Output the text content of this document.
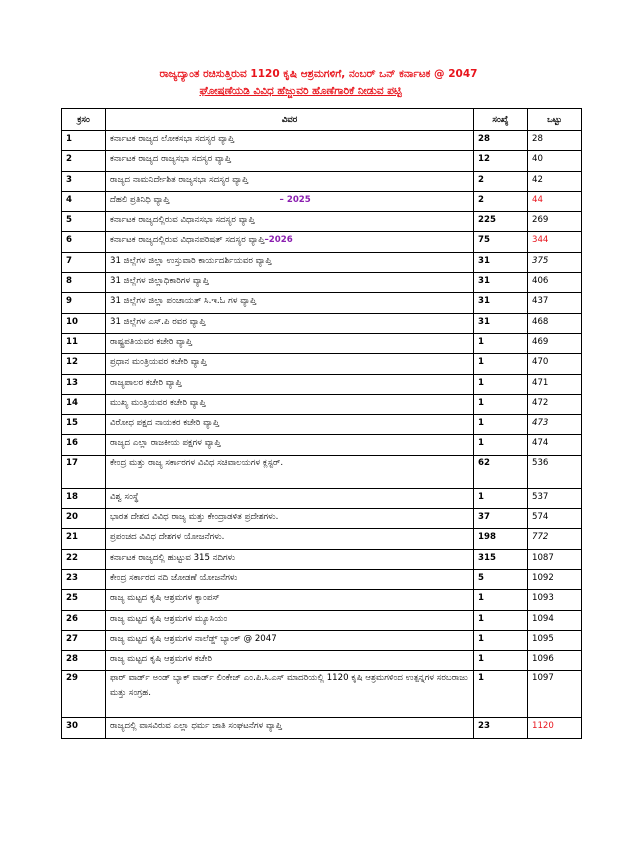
ರಾಜ್ಯದ್ಯಾಂತ ರಚಿಸುತ್ತಿರುವ 1120 ಕೃಷಿ ಆಶ್ರಮಗಳಿಗೆ, ನಂಬರ್ ಒನ್ ಕರ್ನಾಟಕ @ 2047
ಘೋಷಣೆಯಡಿ ವಿವಿಧ ಹೆಜ್ಜುವರಿ ಹೊಣೆಗಾರಿಕೆ ನೀಡುವ ಪಟ್ಟಿ
ಕ್ರಸಂ	ವಿವರ	ಸಂಖ್ಯೆ	ಒಟ್ಟು
1	ಕರ್ನಾಟಕ ರಾಜ್ಯದ ಲೋಕಸಭಾ ಸದಸ್ಯರ ವ್ಯಾಪ್ತಿ	28	28
2	ಕರ್ನಾಟಕ ರಾಜ್ಯದ ರಾಜ್ಯಸಭಾ ಸದಸ್ಯರ ವ್ಯಾಪ್ತಿ	12	40
3	ರಾಜ್ಯದ ನಾಮನಿರ್ದೇಶಿತ ರಾಜ್ಯಸಭಾ ಸದಸ್ಯರ ವ್ಯಾಪ್ತಿ	2	42
4	ದೆಹಲಿ ಪ್ರತಿನಿಧಿ ವ್ಯಾಪ್ತಿ – 2025	2	44
5	ಕರ್ನಾಟಕ ರಾಜ್ಯದಲ್ಲಿರುವ ವಿಧಾನಸಭಾ ಸದಸ್ಯರ ವ್ಯಾಪ್ತಿ	225	269
6	ಕರ್ನಾಟಕ ರಾಜ್ಯದಲ್ಲಿರುವ ವಿಧಾನಪರಿಷತ್ ಸದಸ್ಯರ ವ್ಯಾಪ್ತಿ–2026	75	344
7	31 ಜಿಲ್ಲೆಗಳ ಜಿಲ್ಲಾ ಉಸ್ತುವಾರಿ ಕಾರ್ಯದರ್ಶಿಯವರ ವ್ಯಾಪ್ತಿ	31	375
8	31 ಜಿಲ್ಲೆಗಳ ಜಿಲ್ಲಾಧಿಕಾರಿಗಳ ವ್ಯಾಪ್ತಿ	31	406
9	31 ಜಿಲ್ಲೆಗಳ ಜಿಲ್ಲಾ ಪಂಚಾಯತ್ ಸಿ.ಇ.ಓ ಗಳ ವ್ಯಾಪ್ತಿ	31	437
10	31 ಜಿಲ್ಲೆಗಳ ಎಸ್.ಪಿ ರವರ ವ್ಯಾಪ್ತಿ	31	468
11	ರಾಷ್ಟ್ರಪತಿಯವರ ಕಚೇರಿ ವ್ಯಾಪ್ತಿ	1	469
12	ಪ್ರಧಾನ ಮಂತ್ರಿಯವರ ಕಚೇರಿ ವ್ಯಾಪ್ತಿ	1	470
13	ರಾಜ್ಯಪಾಲರ ಕಚೇರಿ ವ್ಯಾಪ್ತಿ	1	471
14	ಮುಖ್ಯ ಮಂತ್ರಿಯವರ ಕಚೇರಿ ವ್ಯಾಪ್ತಿ	1	472
15	ವಿರೋಧ ಪಕ್ಷದ ನಾಯಕರ ಕಚೇರಿ ವ್ಯಾಪ್ತಿ	1	473
16	ರಾಜ್ಯದ ಎಲ್ಲಾ ರಾಜಕೀಯ ಪಕ್ಷಗಳ ವ್ಯಾಪ್ತಿ	1	474
17	ಕೇಂದ್ರ ಮತ್ತು ರಾಜ್ಯ ಸರ್ಕಾರಗಳ ವಿವಿಧ ಸಚಿವಾಲಯಗಳ ಕ್ಲಸ್ಟರ್.	62	536
18	ವಿಶ್ವ ಸಂಸ್ಥೆ	1	537
20	ಭಾರತ ದೇಶದ ವಿವಿಧ ರಾಜ್ಯ ಮತ್ತು ಕೇಂದ್ರಾಡಳಿತ ಪ್ರದೇಶಗಳು.	37	574
21	ಪ್ರಪಂಚದ ವಿವಿಧ ದೇಶಗಳ ಯೋಜನೆಗಳು.	198	772
22	ಕರ್ನಾಟಕ ರಾಜ್ಯದಲ್ಲಿ ಹುಟ್ಟುವ 315 ನದಿಗಳು	315	1087
23	ಕೇಂದ್ರ ಸರ್ಕಾರದ ನದಿ ಜೋಡಣೆ ಯೋಜನೆಗಳು	5	1092
25	ರಾಜ್ಯ ಮಟ್ಟದ ಕೃಷಿ ಆಶ್ರಮಗಳ ಕ್ಯಾಂಪಸ್	1	1093
26	ರಾಜ್ಯ ಮಟ್ಟದ ಕೃಷಿ ಆಶ್ರಮಗಳ ಮ್ಯೂಸಿಯಂ	1	1094
27	ರಾಜ್ಯ ಮಟ್ಟದ ಕೃಷಿ ಆಶ್ರಮಗಳ ನಾಲೆಡ್ಜ್ ಬ್ಯಾಂಕ್ @ 2047	1	1095
28	ರಾಜ್ಯ ಮಟ್ಟದ ಕೃಷಿ ಆಶ್ರಮಗಳ ಕಚೇರಿ	1	1096
29	ಫಾರ್ ವಾರ್ಡ್ ಅಂಡ್ ಬ್ಯಾಕ್ ವಾರ್ಡ್ ಲಿಂಕೇಜ್ ಎಂ.ಪಿ.ಸಿ.ಎಸ್ ಮಾದರಿಯಲ್ಲಿ 1120 ಕೃಷಿ ಆಶ್ರಮಗಳಿಂದ ಉತ್ಪನ್ನಗಳ ಸರಬರಾಜು ಮತ್ತು ಸಂಗ್ರಹ.	1	1097
30	ರಾಜ್ಯದಲ್ಲಿ ವಾಸವಿರುವ ಎಲ್ಲಾ ಧರ್ಮ ಜಾತಿ ಸಂಘಟನೆಗಳ ವ್ಯಾಪ್ತಿ	23	1120
